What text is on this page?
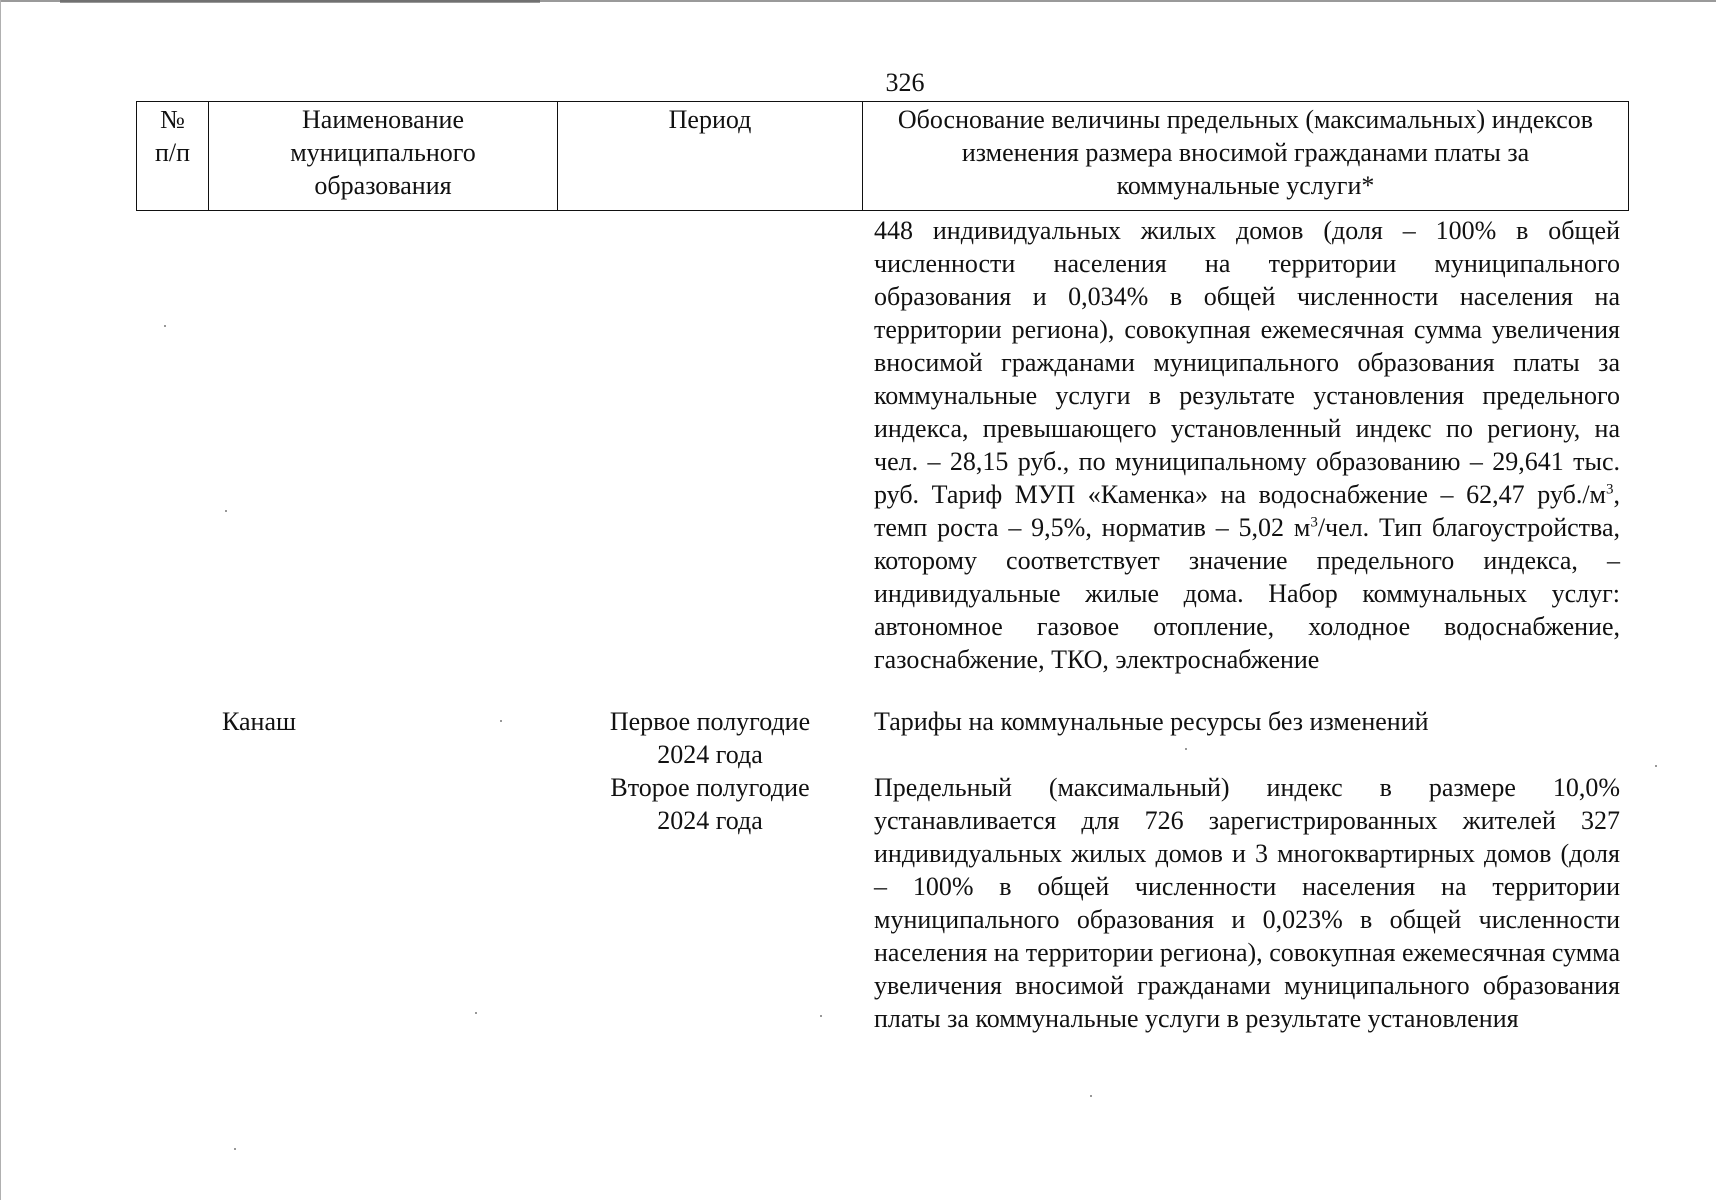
326
№ п/п
Наименование муниципального образования
Период	Обоснование величины предельных (максимальных) индексов изменения размера вносимой гражданами платы за коммунальные услуги*
448 индивидуальных жилых домов (доля – 100% в общей численности населения на территории муниципального образования и 0,034% в общей численности населения на территории региона), совокупная ежемесячная сумма увеличения вносимой гражданами муниципального образования платы за коммунальные услуги в результате установления предельного индекса, превышающего установленный индекс по региону, на чел. – 28,15 руб., по муниципальному образованию – 29,641 тыс. руб. Тариф МУП «Каменка» на водоснабжение – 62,47 $руб./м^3$, темп роста – 9,5%, норматив – 5,02 $м^3$/чел. Тип благоустройства, которому соответствует значение предельного индекса, – индивидуальные жилые дома. Набор коммунальных услуг: автономное газовое отопление, холодное водоснабжение, газоснабжение, ТКО, электроснабжение
Канаш	Первое полугодие
2024 года
Тарифы на коммунальные ресурсы без изменений
Второе полугодие
2024 года
Предельный (максимальный) индекс в размере 10,0% устанавливается для 726 зарегистрированных жителей 327 индивидуальных жилых домов и 3 многоквартирных домов (доля – 100% в общей численности населения на территории муниципального образования и 0,023% в общей численности населения на территории региона), совокупная ежемесячная сумма увеличения вносимой гражданами муниципального образования платы за коммунальные услуги в результате установления
